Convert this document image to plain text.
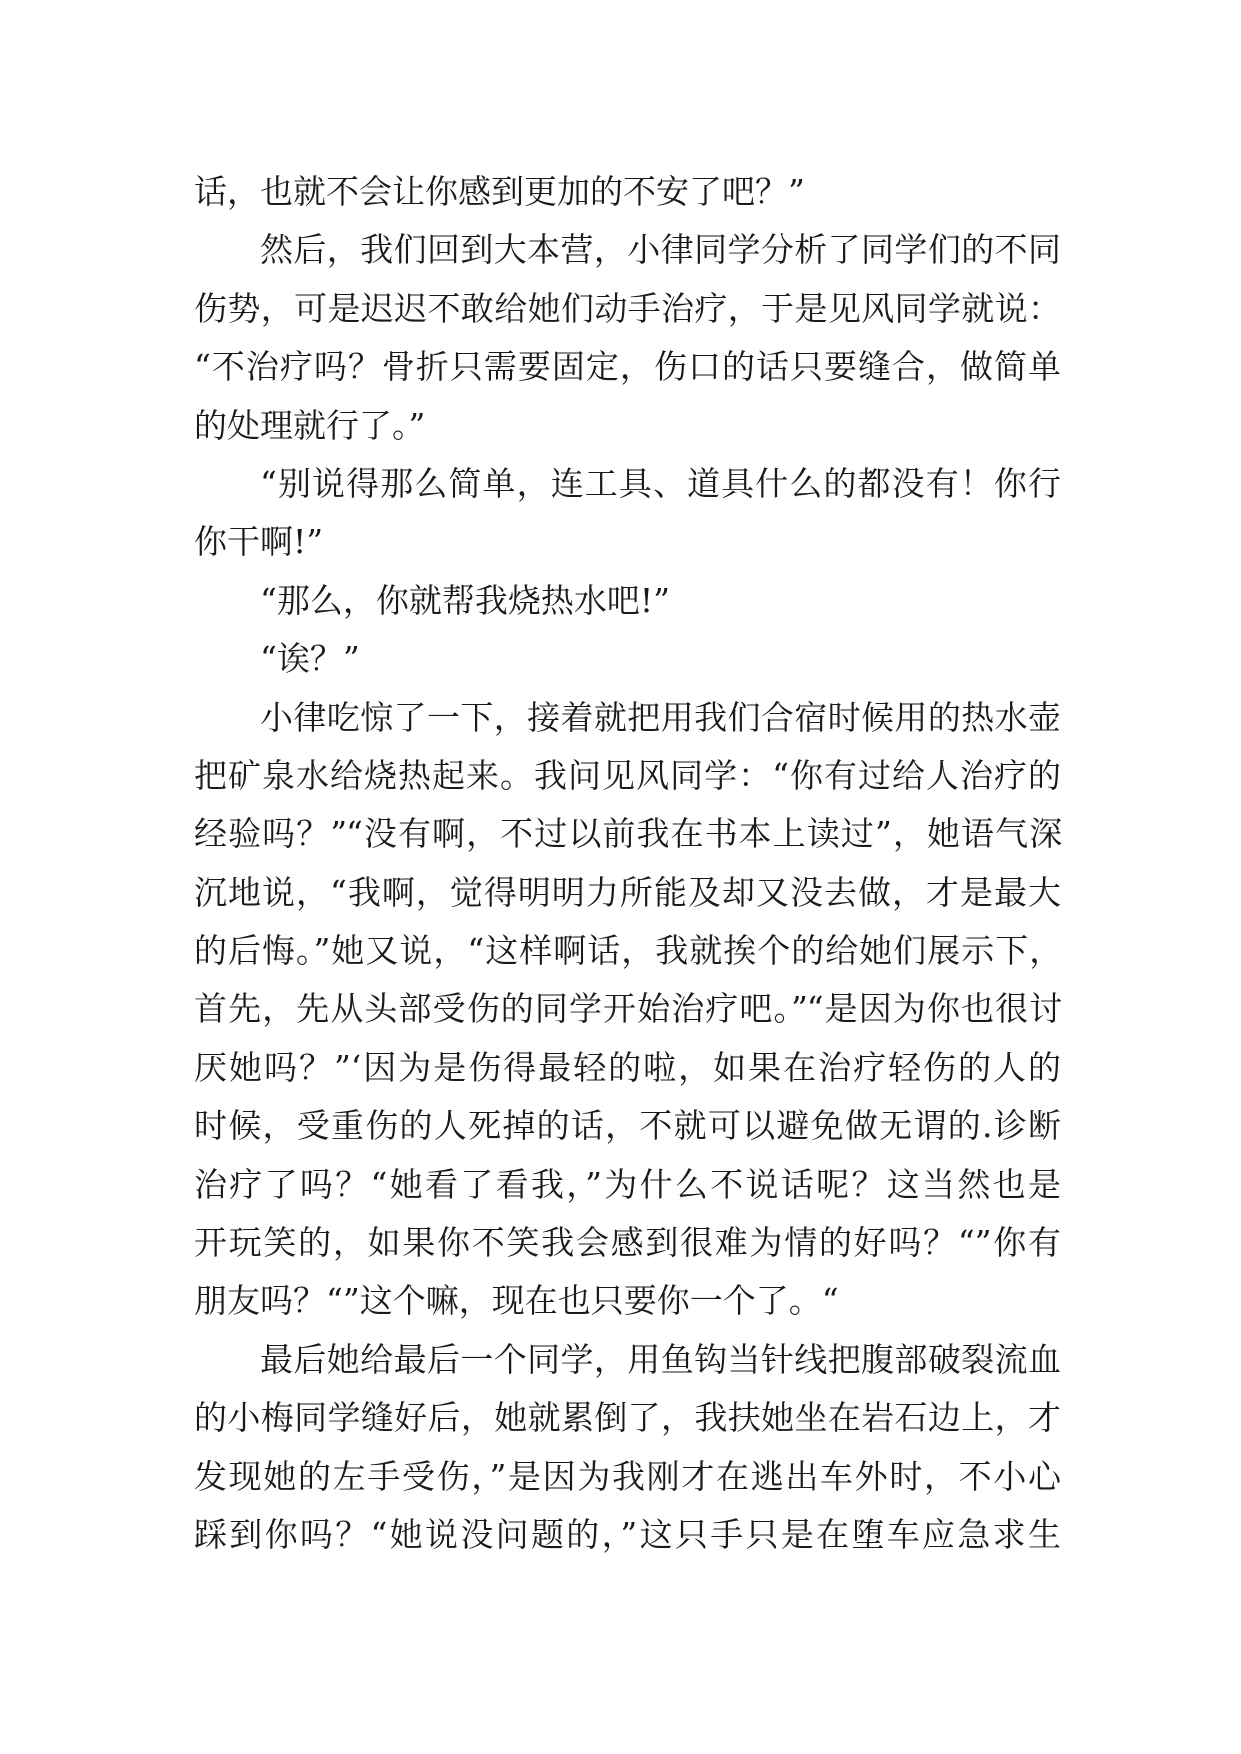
话，也就不会让你感到更加的不安了吧？”
然后，我们回到大本营，小律同学分析了同学们的不同
伤势，可是迟迟不敢给她们动手治疗，于是见风同学就说：
“不治疗吗？骨折只需要固定，伤口的话只要缝合，做简单
的处理就行了。”
“别说得那么简单，连工具、道具什么的都没有！你行
你干啊!”
“那么，你就帮我烧热水吧!”
“诶？”
小律吃惊了一下，接着就把用我们合宿时候用的热水壶
把矿泉水给烧热起来。我问见风同学：“你有过给人治疗的
经验吗？”“没有啊，不过以前我在书本上读过”，她语气深
沉地说，“我啊，觉得明明力所能及却又没去做，才是最大
的后悔。”她又说，“这样啊话，我就挨个的给她们展示下，
首先，先从头部受伤的同学开始治疗吧。”“是因为你也很讨
厌她吗？”‘因为是伤得最轻的啦，如果在治疗轻伤的人的
时候，受重伤的人死掉的话，不就可以避免做无谓的.诊断
治疗了吗？“她看了看我，”为什么不说话呢？这当然也是
开玩笑的，如果你不笑我会感到很难为情的好吗？“”你有
朋友吗？“”这个嘛，现在也只要你一个了。“
最后她给最后一个同学，用鱼钩当针线把腹部破裂流血
的小梅同学缝好后，她就累倒了，我扶她坐在岩石边上，才
发现她的左手受伤，”是因为我刚才在逃出车外时，不小心
踩到你吗？“她说没问题的，”这只手只是在堕车应急求生
